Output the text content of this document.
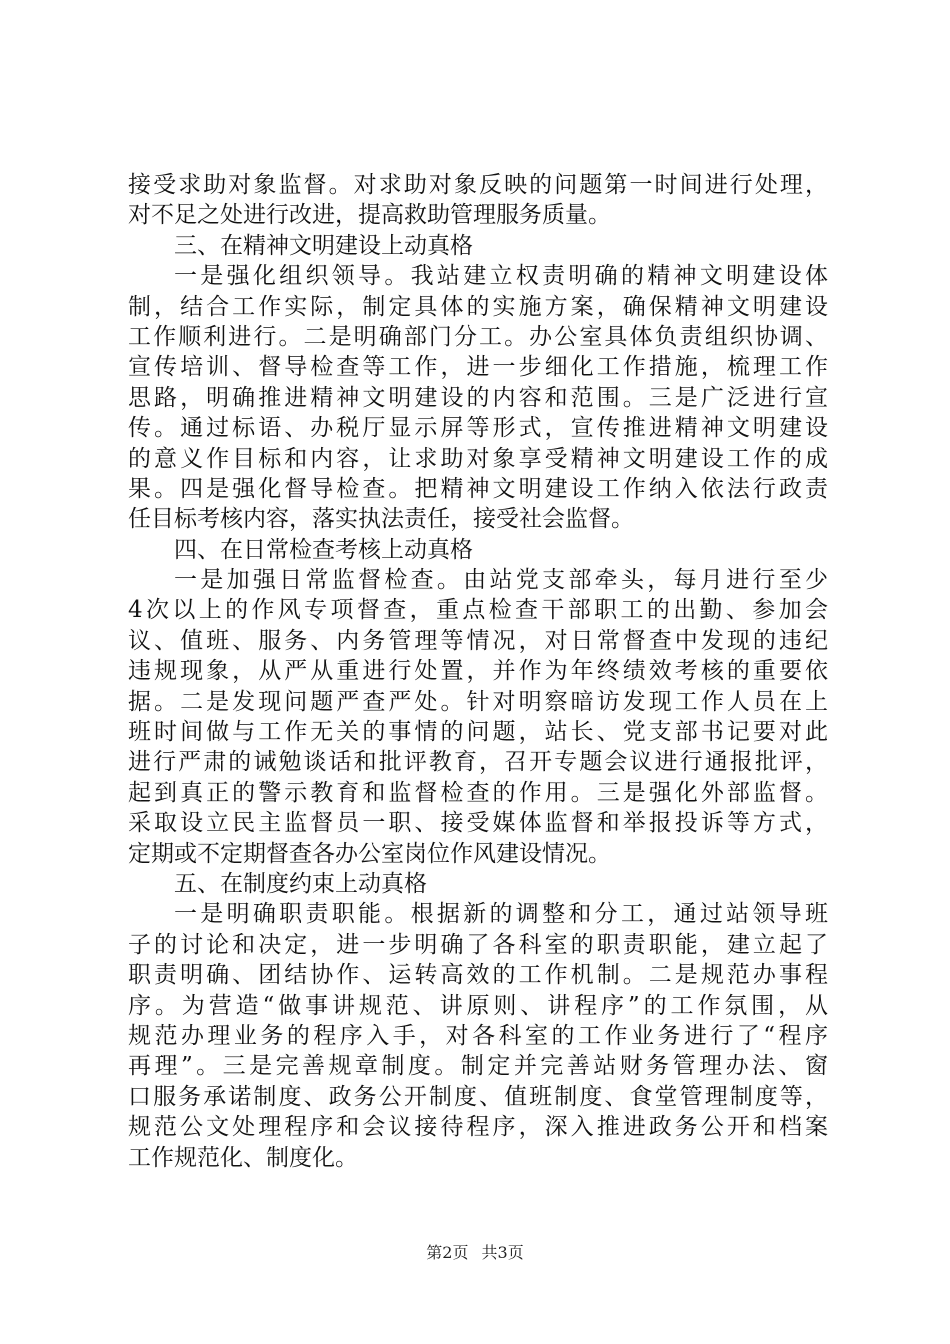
接受求助对象监督。对求助对象反映的问题第一时间进行处理，
对不足之处进行改进，提高救助管理服务质量。
三、在精神文明建设上动真格
一是强化组织领导。我站建立权责明确的精神文明建设体
制，结合工作实际，制定具体的实施方案，确保精神文明建设
工作顺利进行。二是明确部门分工。办公室具体负责组织协调、
宣传培训、督导检查等工作，进一步细化工作措施，梳理工作
思路，明确推进精神文明建设的内容和范围。三是广泛进行宣
传。通过标语、办税厅显示屏等形式，宣传推进精神文明建设
的意义作目标和内容，让求助对象享受精神文明建设工作的成
果。四是强化督导检查。把精神文明建设工作纳入依法行政责
任目标考核内容，落实执法责任，接受社会监督。
四、在日常检查考核上动真格
一是加强日常监督检查。由站党支部牵头，每月进行至少
4次以上的作风专项督查，重点检查干部职工的出勤、参加会
议、值班、服务、内务管理等情况，对日常督查中发现的违纪
违规现象，从严从重进行处置，并作为年终绩效考核的重要依
据。二是发现问题严查严处。针对明察暗访发现工作人员在上
班时间做与工作无关的事情的问题，站长、党支部书记要对此
进行严肃的诫勉谈话和批评教育，召开专题会议进行通报批评，
起到真正的警示教育和监督检查的作用。三是强化外部监督。
采取设立民主监督员一职、接受媒体监督和举报投诉等方式，
定期或不定期督查各办公室岗位作风建设情况。
五、在制度约束上动真格
一是明确职责职能。根据新的调整和分工，通过站领导班
子的讨论和决定，进一步明确了各科室的职责职能，建立起了
职责明确、团结协作、运转高效的工作机制。二是规范办事程
序。为营造“做事讲规范、讲原则、讲程序”的工作氛围，从
规范办理业务的程序入手，对各科室的工作业务进行了“程序
再理”。三是完善规章制度。制定并完善站财务管理办法、窗
口服务承诺制度、政务公开制度、值班制度、食堂管理制度等，
规范公文处理程序和会议接待程序，深入推进政务公开和档案
工作规范化、制度化。
第2页 共3页
